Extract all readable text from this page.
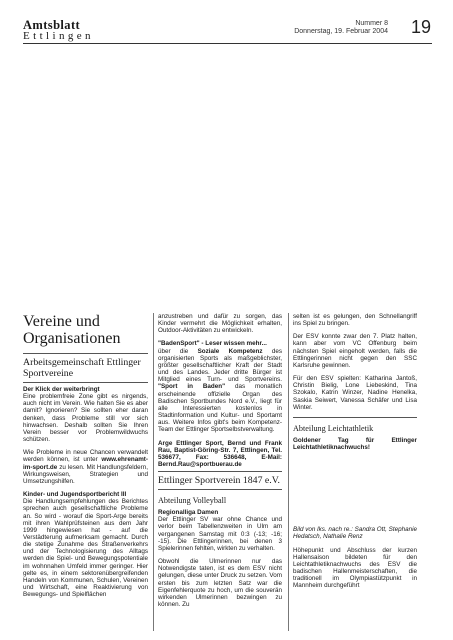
Amtsblatt
Ettlingen
Nummer 8
Donnerstag, 19. Februar 2004 19
Vereine und
Organisationen
Arbeitsgemeinschaft Ettlinger Sportvereine

Der Klick der weiterbringt

Eine problemfreie Zone gibt es nirgends, auch nicht im Verein. Wie halten Sie es aber damit? Ignorieren? Sie sollten eher daran denken, dass Probleme still vor sich hinwachsen. Deshalb sollten Sie Ihren Verein besser vor Problemwildwuchs schützen.

Wie Probleme in neue Chancen verwandelt werden können, ist unter www.ehrenamt-im-sport.de zu lesen. Mit Handlungsfeldern, Wirkungsweisen, Strategien und Umsetzungshilfen.

Kinder- und Jugendsportbericht III

Die Handlungsempfehlungen des Berichtes sprechen auch gesellschaftliche Probleme an. So wird - worauf die Sport-Arge bereits mit ihren Wahlprüfsteinen aus dem Jahr 1999 hingewiesen hat - auf die Verstädterung aufmerksam gemacht. Durch die stetige Zunahme des Straßenverkehrs und der Technologisierung des Alltags werden die Spiel- und Bewegungspotentiale im wohnnahen Umfeld immer geringer. Hier gelte es, in einem sektorenübergreifenden Handeln von Kommunen, Schulen, Vereinen und Wirtschaft, eine Reaktivierung von Bewegungs- und Spielflächen

anzustreben und dafür zu sorgen, das Kinder vermehrt die Möglichkeit erhalten, Outdoor-Aktivitäten zu entwickeln.

"BadenSport" - Leser wissen mehr...

über die Soziale Kompetenz des organisierten Sports als maßgeblichster, größter gesellschaftlicher Kraft der Stadt und des Landes. Jeder dritte Bürger ist Mitglied eines Turn- und Sportvereins. "Sport in Baden" das monatlich erscheinende offizielle Organ des Badischen Sportbundes Nord e.V., liegt für alle Interessierten kostenlos in Stadtinformation und Kultur- und Sportamt aus. Weitere Infos gibt's beim Kompetenz-Team der Ettlinger Sportselbstverwaltung.

Arge Ettlinger Sport, Bernd und Frank Rau, Baptist-Göring-Str. 7, Ettlingen, Tel. 536677, Fax: 536648, E-Mail: Bernd.Rau@sportbuerau.de

Ettlinger Sportverein 1847 e.V.
Abteilung Volleyball

Regionalliga Damen

Der Ettlinger SV war ohne Chance und verlor beim Tabellenzweiten in Ulm am vergangenen Samstag mit 0:3 (-13; -16; -15). Die Ettlingerinnen, bei denen 3 Spielerinnen fehlten, wirkten zu verhalten.

Obwohl die Ulmerinnen nur das Notwendigste taten, ist es dem ESV nicht gelungen, diese unter Druck zu setzen. Vom ersten bis zum letzten Satz war die Eigenfehlerquote zu hoch, um die souverän wirkenden Ulmerinnen bezwingen zu können. Zu

selten ist es gelungen, den Schnellangriff ins Spiel zu bringen.

Der ESV konnte zwar den 7. Platz halten, kann aber vom VC Offenburg beim nächsten Spiel eingeholt werden, falls die Ettlingerinnen nicht gegen den SSC Karlsruhe gewinnen.

Für den ESV spielten: Katharina Jantoß, Christin Bielig, Lone Liebeskind, Tina Szokalo, Katrin Winzer, Nadine Henelka, Saskia Seiwert, Vanessa Schäfer und Lisa Winter.

Abteilung Leichtathletik

Goldener Tag für Ettlinger Leichtathletiknachwuchs!

Bild von lks. nach re.: Sandra Ott, Stephanie Hedatsch, Nathalie Renz

Höhepunkt und Abschluss der kurzen Hallensaison bildeten für den Leichtathletiknachwuchs des ESV die badischen Hallenmeisterschaften, die traditionell im Olympiastützpunkt in Mannheim durchgeführt
